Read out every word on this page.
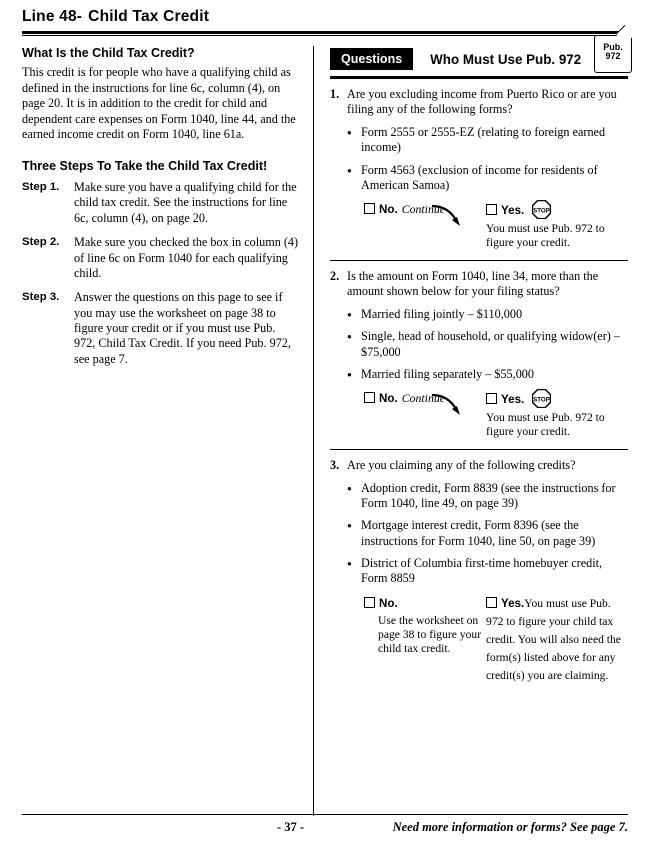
Line 48- Child Tax Credit
What Is the Child Tax Credit?
This credit is for people who have a qualifying child as defined in the instructions for line 6c, column (4), on page 20. It is in addition to the credit for child and dependent care expenses on Form 1040, line 44, and the earned income credit on Form 1040, line 61a.
Three Steps To Take the Child Tax Credit!
Step 1.	Make sure you have a qualifying child for the child tax credit. See the instructions for line 6c, column (4), on page 20.
Step 2.	Make sure you checked the box in column (4) of line 6c on Form 1040 for each qualifying child.
Step 3.	Answer the questions on this page to see if you may use the worksheet on page 38 to figure your credit or if you must use Pub. 972, Child Tax Credit. If you need Pub. 972, see page 7.
Questions	Who Must Use Pub. 972
Pub.
972
1. Are you excluding income from Puerto Rico or are you filing any of the following forms?
● Form 2555 or 2555-EZ (relating to foreign earned income)
● Form 4563 (exclusion of income for residents of American Samoa)
No. Continue	Yes. STOP
You must use Pub. 972 to figure your credit.
2. Is the amount on Form 1040, line 34, more than the amount shown below for your filing status?
● Married filing jointly – $110,000
● Single, head of household, or qualifying widow(er) – $75,000
● Married filing separately – $55,000
No. Continue	Yes. STOP
You must use Pub. 972 to figure your credit.
3. Are you claiming any of the following credits?
● Adoption credit, Form 8839 (see the instructions for Form 1040, line 49, on page 39)
● Mortgage interest credit, Form 8396 (see the instructions for Form 1040, line 50, on page 39)
● District of Columbia first-time homebuyer credit, Form 8859
No.
Use the worksheet on page 38 to figure your child tax credit.
Yes.You must use Pub. 972 to figure your child tax credit. You will also need the form(s) listed above for any credit(s) you are claiming.
- 37 -	Need more information or forms? See page 7.
